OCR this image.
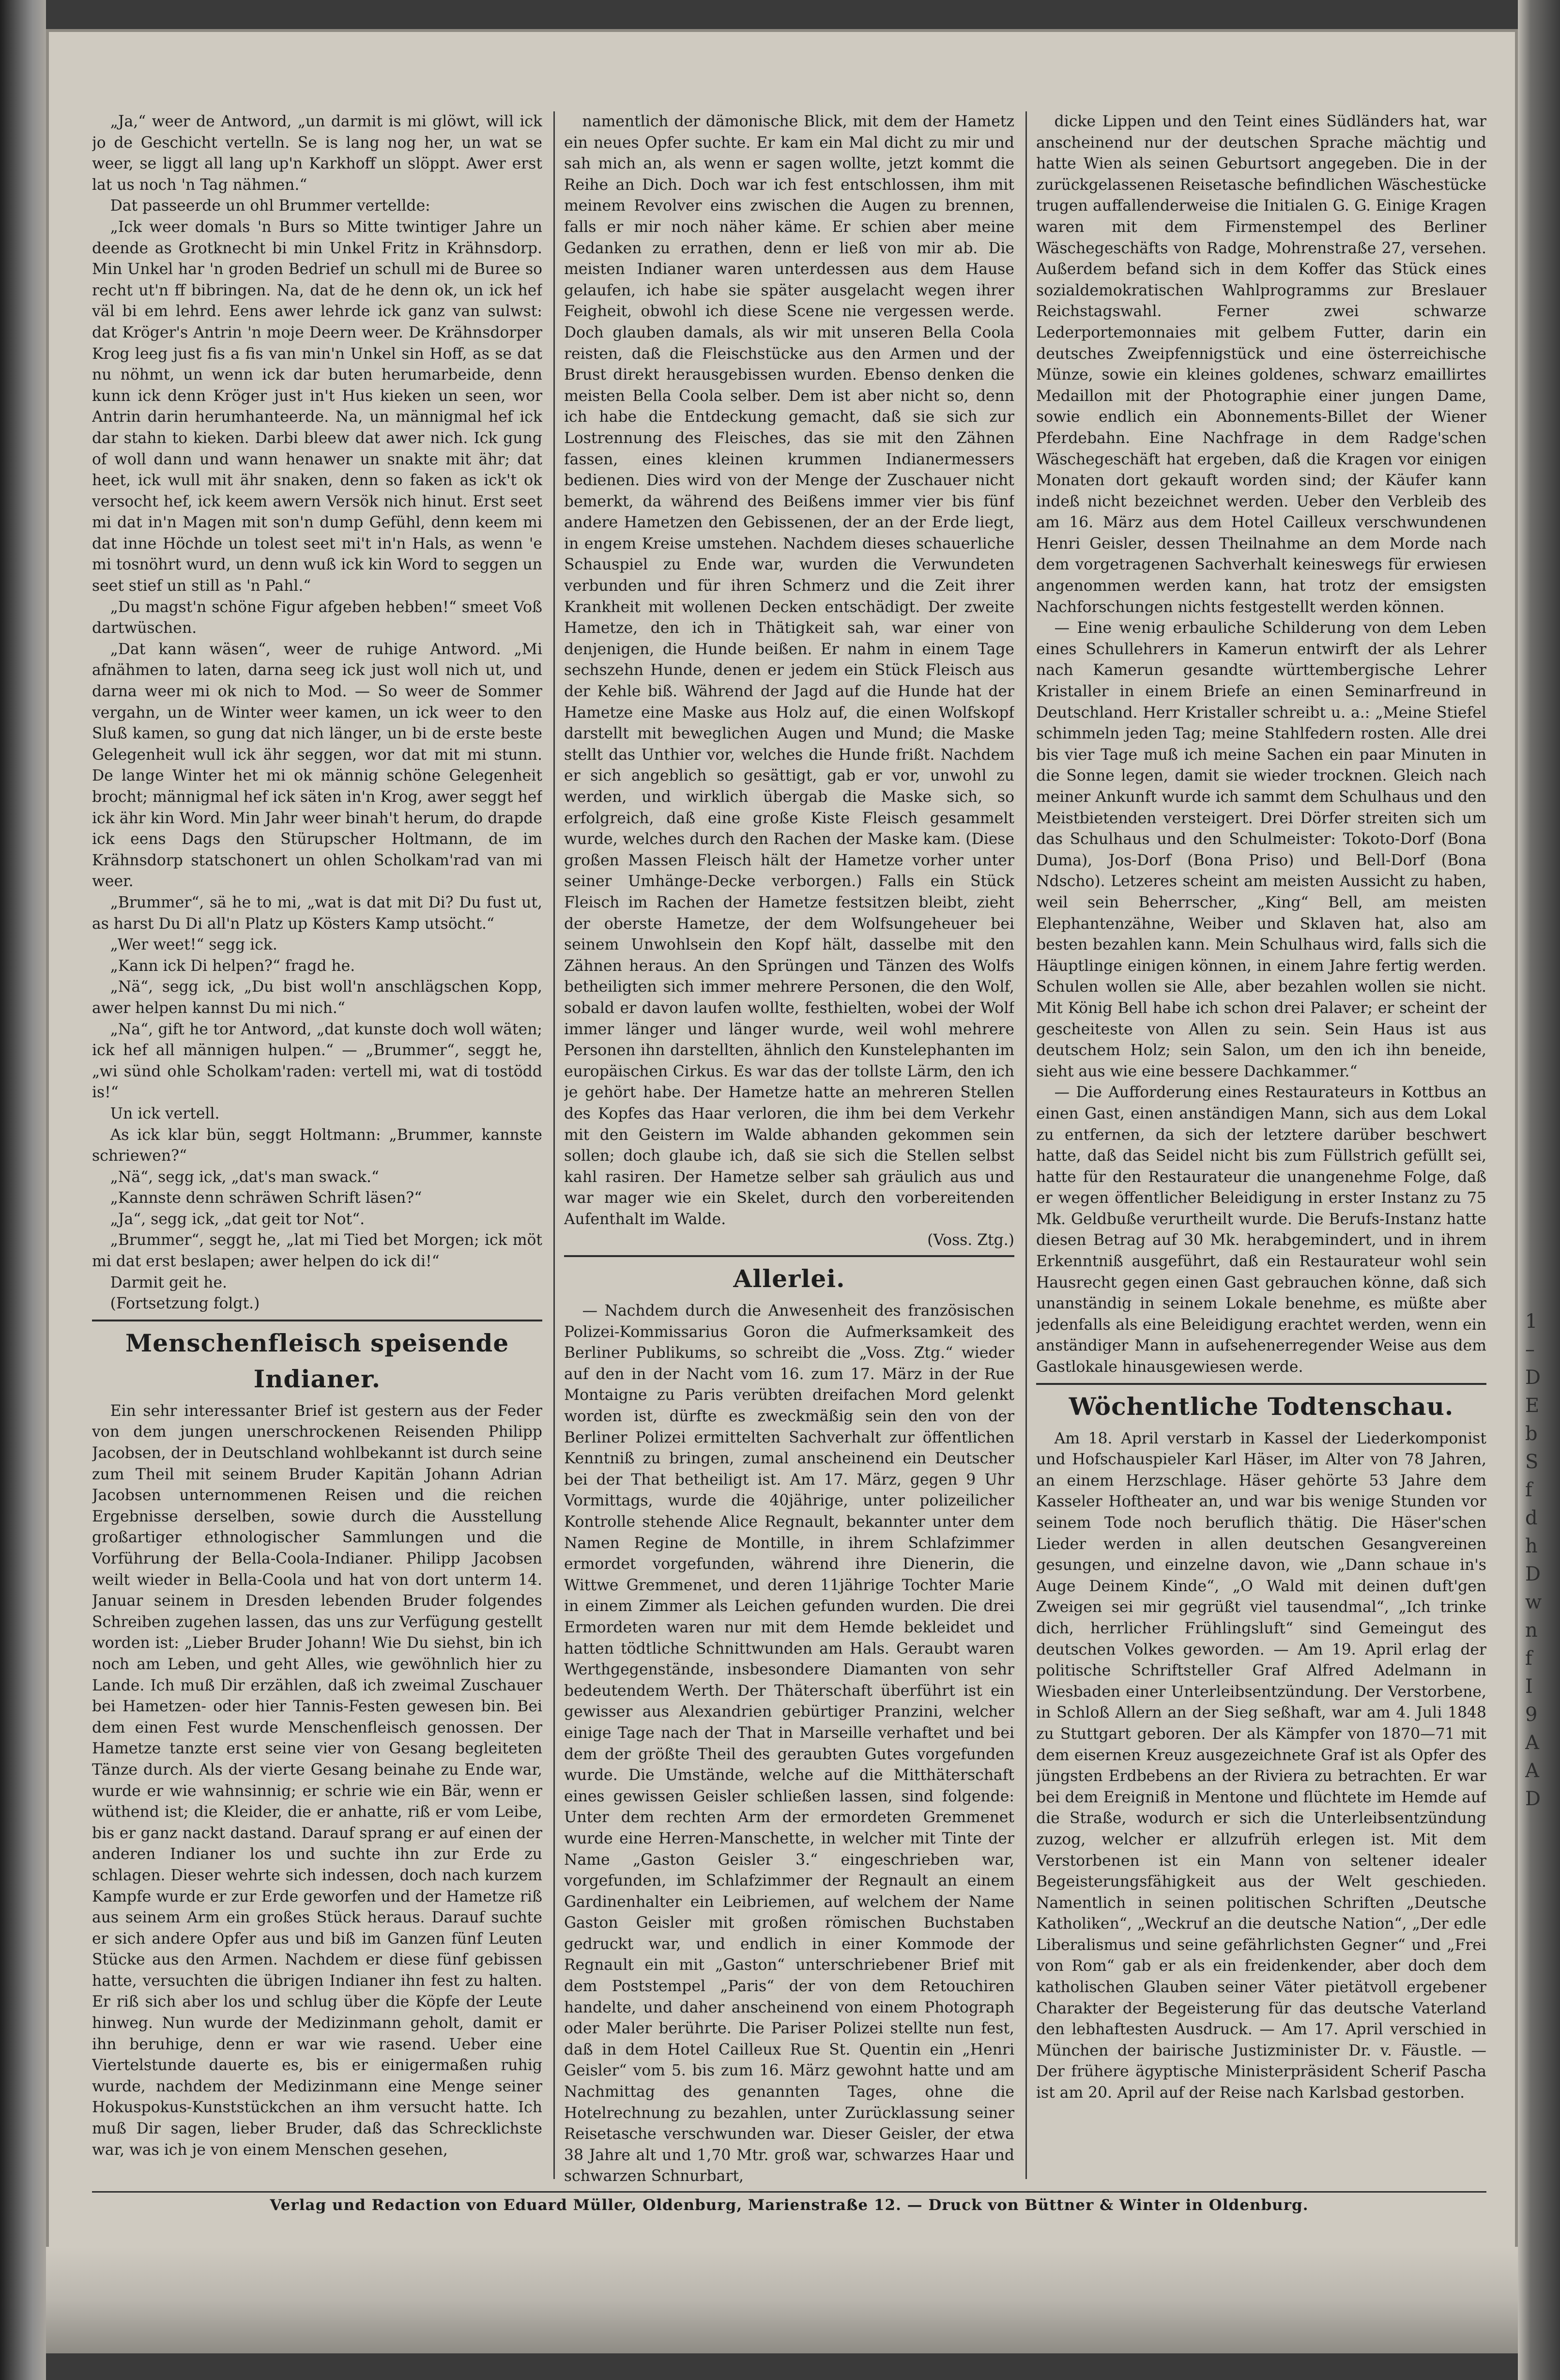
1
–
D
E
b
S
f
d
h
D
w
n
f
I
9
A
A
D

„Ja,“ weer de Antword, „un darmit is mi glöwt, will ick jo de Geschicht vertelln. Se is lang nog her, un wat se weer, se liggt all lang up'n Karkhoff un slöppt. Awer erst lat us noch 'n Tag nähmen.“

Dat passeerde un ohl Brummer vertellde:

„Ick weer domals 'n Burs so Mitte twintiger Jahre un deende as Grotknecht bi min Unkel Fritz in Krähnsdorp. Min Unkel har 'n groden Bedrief un schull mi de Buree so recht ut'n ff bibringen. Na, dat de he denn ok, un ick hef väl bi em lehrd. Eens awer lehrde ick ganz van sulwst: dat Kröger's Antrin 'n moje Deern weer. De Krähnsdorper Krog leeg just fis a fis van min'n Unkel sin Hoff, as se dat nu nöhmt, un wenn ick dar buten herumarbeide, denn kunn ick denn Kröger just in't Hus kieken un seen, wor Antrin darin herumhanteerde. Na, un männigmal hef ick dar stahn to kieken. Darbi bleew dat awer nich. Ick gung of woll dann und wann henawer un snakte mit ähr; dat heet, ick wull mit ähr snaken, denn so faken as ick't ok versocht hef, ick keem awern Versök nich hinut. Erst seet mi dat in'n Magen mit son'n dump Gefühl, denn keem mi dat inne Höchde un tolest seet mi't in'n Hals, as wenn 'e mi tosnöhrt wurd, un denn wuß ick kin Word to seggen un seet stief un still as 'n Pahl.“

„Du magst'n schöne Figur afgeben hebben!“ smeet Voß dartwüschen.

„Dat kann wäsen“, weer de ruhige Antword. „Mi afnähmen to laten, darna seeg ick just woll nich ut, und darna weer mi ok nich to Mod. — So weer de Sommer vergahn, un de Winter weer kamen, un ick weer to den Sluß kamen, so gung dat nich länger, un bi de erste beste Gelegenheit wull ick ähr seggen, wor dat mit mi stunn. De lange Winter het mi ok männig schöne Gelegenheit brocht; männigmal hef ick säten in'n Krog, awer seggt hef ick ähr kin Word. Min Jahr weer binah't herum, do drapde ick eens Dags den Stürupscher Holtmann, de im Krähnsdorp statschonert un ohlen Scholkam'rad van mi weer.

„Brummer“, sä he to mi, „wat is dat mit Di? Du fust ut, as harst Du Di all'n Platz up Kösters Kamp utsöcht.“

„Wer weet!“ segg ick.

„Kann ick Di helpen?“ fragd he.

„Nä“, segg ick, „Du bist woll'n anschlägschen Kopp, awer helpen kannst Du mi nich.“

„Na“, gift he tor Antword, „dat kunste doch woll wäten; ick hef all männigen hulpen.“ — „Brummer“, seggt he, „wi sünd ohle Scholkam'raden: vertell mi, wat di tostödd is!“

Un ick vertell.

As ick klar bün, seggt Holtmann: „Brummer, kannste schriewen?“

„Nä“, segg ick, „dat's man swack.“

„Kannste denn schräwen Schrift läsen?“

„Ja“, segg ick, „dat geit tor Not“.

„Brummer“, seggt he, „lat mi Tied bet Morgen; ick möt mi dat erst beslapen; awer helpen do ick di!“

Darmit geit he.

(Fortsetzung folgt.)

Menschenfleisch speisende Indianer.

Ein sehr interessanter Brief ist gestern aus der Feder von dem jungen unerschrockenen Reisenden Philipp Jacobsen, der in Deutschland wohlbekannt ist durch seine zum Theil mit seinem Bruder Kapitän Johann Adrian Jacobsen unternommenen Reisen und die reichen Ergebnisse derselben, sowie durch die Ausstellung großartiger ethnologischer Sammlungen und die Vorführung der Bella-Coola-Indianer. Philipp Jacobsen weilt wieder in Bella-Coola und hat von dort unterm 14. Januar seinem in Dresden lebenden Bruder folgendes Schreiben zugehen lassen, das uns zur Verfügung gestellt worden ist: „Lieber Bruder Johann! Wie Du siehst, bin ich noch am Leben, und geht Alles, wie gewöhnlich hier zu Lande. Ich muß Dir erzählen, daß ich zweimal Zuschauer bei Hametzen- oder hier Tannis-Festen gewesen bin. Bei dem einen Fest wurde Menschenfleisch genossen. Der Hametze tanzte erst seine vier von Gesang begleiteten Tänze durch. Als der vierte Gesang beinahe zu Ende war, wurde er wie wahnsinnig; er schrie wie ein Bär, wenn er wüthend ist; die Kleider, die er anhatte, riß er vom Leibe, bis er ganz nackt dastand. Darauf sprang er auf einen der anderen Indianer los und suchte ihn zur Erde zu schlagen. Dieser wehrte sich indessen, doch nach kurzem Kampfe wurde er zur Erde geworfen und der Hametze riß aus seinem Arm ein großes Stück heraus. Darauf suchte er sich andere Opfer aus und biß im Ganzen fünf Leuten Stücke aus den Armen. Nachdem er diese fünf gebissen hatte, versuchten die übrigen Indianer ihn fest zu halten. Er riß sich aber los und schlug über die Köpfe der Leute hinweg. Nun wurde der Medizinmann geholt, damit er ihn beruhige, denn er war wie rasend. Ueber eine Viertelstunde dauerte es, bis er einigermaßen ruhig wurde, nachdem der Medizinmann eine Menge seiner Hokuspokus-Kunststückchen an ihm versucht hatte. Ich muß Dir sagen, lieber Bruder, daß das Schrecklichste war, was ich je von einem Menschen gesehen,

namentlich der dämonische Blick, mit dem der Hametz ein neues Opfer suchte. Er kam ein Mal dicht zu mir und sah mich an, als wenn er sagen wollte, jetzt kommt die Reihe an Dich. Doch war ich fest entschlossen, ihm mit meinem Revolver eins zwischen die Augen zu brennen, falls er mir noch näher käme. Er schien aber meine Gedanken zu errathen, denn er ließ von mir ab. Die meisten Indianer waren unterdessen aus dem Hause gelaufen, ich habe sie später ausgelacht wegen ihrer Feigheit, obwohl ich diese Scene nie vergessen werde. Doch glauben damals, als wir mit unseren Bella Coola reisten, daß die Fleischstücke aus den Armen und der Brust direkt herausgebissen wurden. Ebenso denken die meisten Bella Coola selber. Dem ist aber nicht so, denn ich habe die Entdeckung gemacht, daß sie sich zur Lostrennung des Fleisches, das sie mit den Zähnen fassen, eines kleinen krummen Indianermessers bedienen. Dies wird von der Menge der Zuschauer nicht bemerkt, da während des Beißens immer vier bis fünf andere Hametzen den Gebissenen, der an der Erde liegt, in engem Kreise umstehen. Nachdem dieses schauerliche Schauspiel zu Ende war, wurden die Verwundeten verbunden und für ihren Schmerz und die Zeit ihrer Krankheit mit wollenen Decken entschädigt. Der zweite Hametze, den ich in Thätigkeit sah, war einer von denjenigen, die Hunde beißen. Er nahm in einem Tage sechszehn Hunde, denen er jedem ein Stück Fleisch aus der Kehle biß. Während der Jagd auf die Hunde hat der Hametze eine Maske aus Holz auf, die einen Wolfskopf darstellt mit beweglichen Augen und Mund; die Maske stellt das Unthier vor, welches die Hunde frißt. Nachdem er sich angeblich so gesättigt, gab er vor, unwohl zu werden, und wirklich übergab die Maske sich, so erfolgreich, daß eine große Kiste Fleisch gesammelt wurde, welches durch den Rachen der Maske kam. (Diese großen Massen Fleisch hält der Hametze vorher unter seiner Umhänge-Decke verborgen.) Falls ein Stück Fleisch im Rachen der Hametze festsitzen bleibt, zieht der oberste Hametze, der dem Wolfsungeheuer bei seinem Unwohlsein den Kopf hält, dasselbe mit den Zähnen heraus. An den Sprüngen und Tänzen des Wolfs betheiligten sich immer mehrere Personen, die den Wolf, sobald er davon laufen wollte, festhielten, wobei der Wolf immer länger und länger wurde, weil wohl mehrere Personen ihn darstellten, ähnlich den Kunstelephanten im europäischen Cirkus. Es war das der tollste Lärm, den ich je gehört habe. Der Hametze hatte an mehreren Stellen des Kopfes das Haar verloren, die ihm bei dem Verkehr mit den Geistern im Walde abhanden gekommen sein sollen; doch glaube ich, daß sie sich die Stellen selbst kahl rasiren. Der Hametze selber sah gräulich aus und war mager wie ein Skelet, durch den vorbereitenden Aufenthalt im Walde.

(Voss. Ztg.)

Allerlei.

— Nachdem durch die Anwesenheit des französischen Polizei-Kommissarius Goron die Aufmerksamkeit des Berliner Publikums, so schreibt die „Voss. Ztg.“ wieder auf den in der Nacht vom 16. zum 17. März in der Rue Montaigne zu Paris verübten dreifachen Mord gelenkt worden ist, dürfte es zweckmäßig sein den von der Berliner Polizei ermittelten Sachverhalt zur öffentlichen Kenntniß zu bringen, zumal anscheinend ein Deutscher bei der That betheiligt ist. Am 17. März, gegen 9 Uhr Vormittags, wurde die 40jährige, unter polizeilicher Kontrolle stehende Alice Regnault, bekannter unter dem Namen Regine de Montille, in ihrem Schlafzimmer ermordet vorgefunden, während ihre Dienerin, die Wittwe Gremmenet, und deren 11jährige Tochter Marie in einem Zimmer als Leichen gefunden wurden. Die drei Ermordeten waren nur mit dem Hemde bekleidet und hatten tödtliche Schnittwunden am Hals. Geraubt waren Werthgegenstände, insbesondere Diamanten von sehr bedeutendem Werth. Der Thäterschaft überführt ist ein gewisser aus Alexandrien gebürtiger Pranzini, welcher einige Tage nach der That in Marseille verhaftet und bei dem der größte Theil des geraubten Gutes vorgefunden wurde. Die Umstände, welche auf die Mitthäterschaft eines gewissen Geisler schließen lassen, sind folgende: Unter dem rechten Arm der ermordeten Gremmenet wurde eine Herren-Manschette, in welcher mit Tinte der Name „Gaston Geisler 3.“ eingeschrieben war, vorgefunden, im Schlafzimmer der Regnault an einem Gardinenhalter ein Leibriemen, auf welchem der Name Gaston Geisler mit großen römischen Buchstaben gedruckt war, und endlich in einer Kommode der Regnault ein mit „Gaston“ unterschriebener Brief mit dem Poststempel „Paris“ der von dem Retouchiren handelte, und daher anscheinend von einem Photograph oder Maler berührte. Die Pariser Polizei stellte nun fest, daß in dem Hotel Cailleux Rue St. Quentin ein „Henri Geisler“ vom 5. bis zum 16. März gewohnt hatte und am Nachmittag des genannten Tages, ohne die Hotelrechnung zu bezahlen, unter Zurücklassung seiner Reisetasche verschwunden war. Dieser Geisler, der etwa 38 Jahre alt und 1,70 Mtr. groß war, schwarzes Haar und schwarzen Schnurbart,

dicke Lippen und den Teint eines Südländers hat, war anscheinend nur der deutschen Sprache mächtig und hatte Wien als seinen Geburtsort angegeben. Die in der zurückgelassenen Reisetasche befindlichen Wäschestücke trugen auffallenderweise die Initialen G. G. Einige Kragen waren mit dem Firmenstempel des Berliner Wäschegeschäfts von Radge, Mohrenstraße 27, versehen. Außerdem befand sich in dem Koffer das Stück eines sozialdemokratischen Wahlprogramms zur Breslauer Reichstagswahl. Ferner zwei schwarze Lederportemonnaies mit gelbem Futter, darin ein deutsches Zweipfennigstück und eine österreichische Münze, sowie ein kleines goldenes, schwarz emaillirtes Medaillon mit der Photographie einer jungen Dame, sowie endlich ein Abonnements-Billet der Wiener Pferdebahn. Eine Nachfrage in dem Radge'schen Wäschegeschäft hat ergeben, daß die Kragen vor einigen Monaten dort gekauft worden sind; der Käufer kann indeß nicht bezeichnet werden. Ueber den Verbleib des am 16. März aus dem Hotel Cailleux verschwundenen Henri Geisler, dessen Theilnahme an dem Morde nach dem vorgetragenen Sachverhalt keineswegs für erwiesen angenommen werden kann, hat trotz der emsigsten Nachforschungen nichts festgestellt werden können.

— Eine wenig erbauliche Schilderung von dem Leben eines Schullehrers in Kamerun entwirft der als Lehrer nach Kamerun gesandte württembergische Lehrer Kristaller in einem Briefe an einen Seminarfreund in Deutschland. Herr Kristaller schreibt u. a.: „Meine Stiefel schimmeln jeden Tag; meine Stahlfedern rosten. Alle drei bis vier Tage muß ich meine Sachen ein paar Minuten in die Sonne legen, damit sie wieder trocknen. Gleich nach meiner Ankunft wurde ich sammt dem Schulhaus und den Meistbietenden versteigert. Drei Dörfer streiten sich um das Schulhaus und den Schulmeister: Tokoto-Dorf (Bona Duma), Jos-Dorf (Bona Priso) und Bell-Dorf (Bona Ndscho). Letzeres scheint am meisten Aussicht zu haben, weil sein Beherrscher, „King“ Bell, am meisten Elephantenzähne, Weiber und Sklaven hat, also am besten bezahlen kann. Mein Schulhaus wird, falls sich die Häuptlinge einigen können, in einem Jahre fertig werden. Schulen wollen sie Alle, aber bezahlen wollen sie nicht. Mit König Bell habe ich schon drei Palaver; er scheint der gescheiteste von Allen zu sein. Sein Haus ist aus deutschem Holz; sein Salon, um den ich ihn beneide, sieht aus wie eine bessere Dachkammer.“

— Die Aufforderung eines Restaurateurs in Kottbus an einen Gast, einen anständigen Mann, sich aus dem Lokal zu entfernen, da sich der letztere darüber beschwert hatte, daß das Seidel nicht bis zum Füllstrich gefüllt sei, hatte für den Restaurateur die unangenehme Folge, daß er wegen öffentlicher Beleidigung in erster Instanz zu 75 Mk. Geldbuße verurtheilt wurde. Die Berufs-Instanz hatte diesen Betrag auf 30 Mk. herabgemindert, und in ihrem Erkenntniß ausgeführt, daß ein Restaurateur wohl sein Hausrecht gegen einen Gast gebrauchen könne, daß sich unanständig in seinem Lokale benehme, es müßte aber jedenfalls als eine Beleidigung erachtet werden, wenn ein anständiger Mann in aufsehenerregender Weise aus dem Gastlokale hinausgewiesen werde.

Wöchentliche Todtenschau.

Am 18. April verstarb in Kassel der Liederkomponist und Hofschauspieler Karl Häser, im Alter von 78 Jahren, an einem Herzschlage. Häser gehörte 53 Jahre dem Kasseler Hoftheater an, und war bis wenige Stunden vor seinem Tode noch beruflich thätig. Die Häser'schen Lieder werden in allen deutschen Gesangvereinen gesungen, und einzelne davon, wie „Dann schaue in's Auge Deinem Kinde“, „O Wald mit deinen duft'gen Zweigen sei mir gegrüßt viel tausendmal“, „Ich trinke dich, herrlicher Frühlingsluft“ sind Gemeingut des deutschen Volkes geworden. — Am 19. April erlag der politische Schriftsteller Graf Alfred Adelmann in Wiesbaden einer Unterleibsentzündung. Der Verstorbene, in Schloß Allern an der Sieg seßhaft, war am 4. Juli 1848 zu Stuttgart geboren. Der als Kämpfer von 1870—71 mit dem eisernen Kreuz ausgezeichnete Graf ist als Opfer des jüngsten Erdbebens an der Riviera zu betrachten. Er war bei dem Ereigniß in Mentone und flüchtete im Hemde auf die Straße, wodurch er sich die Unterleibsentzündung zuzog, welcher er allzufrüh erlegen ist. Mit dem Verstorbenen ist ein Mann von seltener idealer Begeisterungsfähigkeit aus der Welt geschieden. Namentlich in seinen politischen Schriften „Deutsche Katholiken“, „Weckruf an die deutsche Nation“, „Der edle Liberalismus und seine gefährlichsten Gegner“ und „Frei von Rom“ gab er als ein freidenkender, aber doch dem katholischen Glauben seiner Väter pietätvoll ergebener Charakter der Begeisterung für das deutsche Vaterland den lebhaftesten Ausdruck. — Am 17. April verschied in München der bairische Justizminister Dr. v. Fäustle. — Der frühere ägyptische Ministerpräsident Scherif Pascha ist am 20. April auf der Reise nach Karlsbad gestorben.

Verlag und Redaction von Eduard Müller, Oldenburg, Marienstraße 12. — Druck von Büttner & Winter in Oldenburg.
